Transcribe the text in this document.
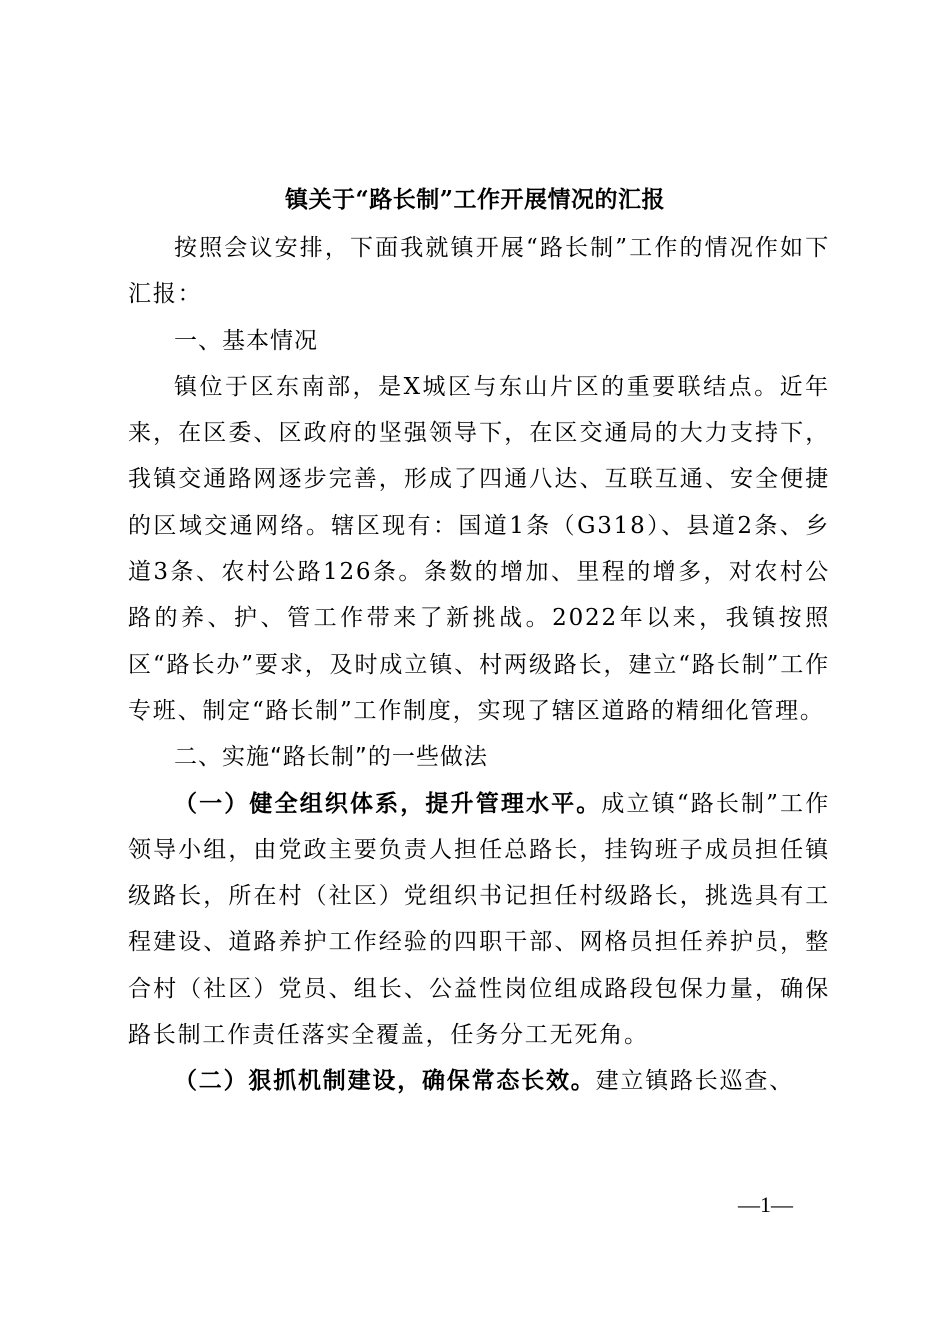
镇关于“路长制”工作开展情况的汇报

按照会议安排，下面我就镇开展“路长制”工作的情况作如下汇报：

一、基本情况

镇位于区东南部，是X城区与东山片区的重要联结点。近年来，在区委、区政府的坚强领导下，在区交通局的大力支持下，我镇交通路网逐步完善，形成了四通八达、互联互通、安全便捷的区域交通网络。辖区现有：国道1条（G318）、县道2条、乡道3条、农村公路126条。条数的增加、里程的增多，对农村公路的养、护、管工作带来了新挑战。2022年以来，我镇按照区“路长办”要求，及时成立镇、村两级路长，建立“路长制”工作专班、制定“路长制”工作制度，实现了辖区道路的精细化管理。

二、实施“路长制”的一些做法

（一）健全组织体系，提升管理水平。成立镇“路长制”工作领导小组，由党政主要负责人担任总路长，挂钩班子成员担任镇级路长，所在村（社区）党组织书记担任村级路长，挑选具有工程建设、道路养护工作经验的四职干部、网格员担任养护员，整合村（社区）党员、组长、公益性岗位组成路段包保力量，确保路长制工作责任落实全覆盖，任务分工无死角。

（二）狠抓机制建设，确保常态长效。建立镇路长巡查、

—1—
